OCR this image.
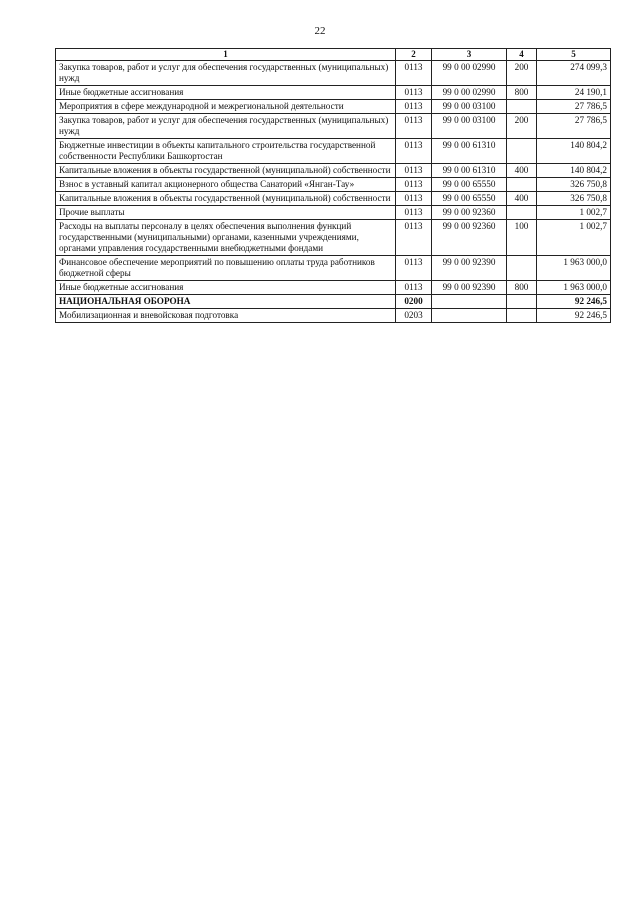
22
1	2	3	4	5
Закупка товаров, работ и услуг для обеспечения государственных (муниципальных) нужд	0113	99 0 00 02990	200	274 099,3
Иные бюджетные ассигнования	0113	99 0 00 02990	800	24 190,1
Мероприятия в сфере международной и межрегиональной деятельности	0113	99 0 00 03100		27 786,5
Закупка товаров, работ и услуг для обеспечения государственных (муниципальных) нужд	0113	99 0 00 03100	200	27 786,5
Бюджетные инвестиции в объекты капитального строительства государственной собственности Республики Башкортостан	0113	99 0 00 61310		140 804,2
Капитальные вложения в объекты государственной (муниципальной) собственности	0113	99 0 00 61310	400	140 804,2
Взнос в уставный капитал акционерного общества Санаторий «Янган-Тау»	0113	99 0 00 65550		326 750,8
Капитальные вложения в объекты государственной (муниципальной) собственности	0113	99 0 00 65550	400	326 750,8
Прочие выплаты	0113	99 0 00 92360		1 002,7
Расходы на выплаты персоналу в целях обеспечения выполнения функций государственными (муниципальными) органами, казенными учреждениями, органами управления государственными внебюджетными фондами	0113	99 0 00 92360	100	1 002,7
Финансовое обеспечение мероприятий по повышению оплаты труда работников бюджетной сферы	0113	99 0 00 92390		1 963 000,0
Иные бюджетные ассигнования	0113	99 0 00 92390	800	1 963 000,0
НАЦИОНАЛЬНАЯ ОБОРОНА	0200			92 246,5
Мобилизационная и вневойсковая подготовка	0203			92 246,5
